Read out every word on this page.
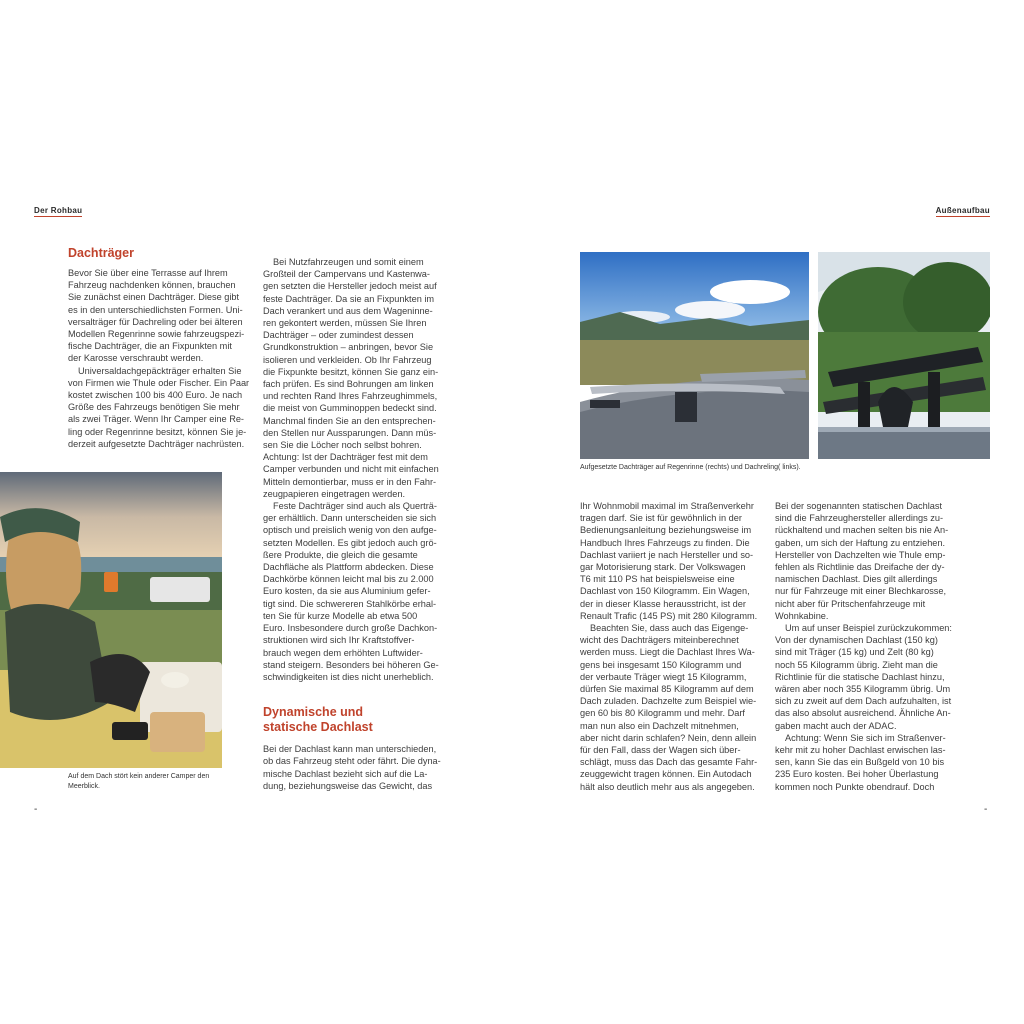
Der Rohbau	Außenaufbau
Dachträger

Bevor Sie über eine Terrasse auf Ihrem
Fahrzeug nachdenken können, brauchen
Sie zunächst einen Dachträger. Diese gibt
es in den unterschiedlichsten Formen. Uni-
versalträger für Dachreling oder bei älteren
Modellen Regenrinne sowie fahrzeugspezi-
fische Dachträger, die an Fixpunkten mit
der Karosse verschraubt werden.

Universaldachgepäckträger erhalten Sie
von Firmen wie Thule oder Fischer. Ein Paar
kostet zwischen 100 bis 400 Euro. Je nach
Größe des Fahrzeugs benötigen Sie mehr
als zwei Träger. Wenn Ihr Camper eine Re-
ling oder Regenrinne besitzt, können Sie je-
derzeit aufgesetzte Dachträger nachrüsten.

Auf dem Dach stört kein anderer Camper den
Meerblick.

Bei Nutzfahrzeugen und somit einem
Großteil der Campervans und Kastenwa-
gen setzten die Hersteller jedoch meist auf
feste Dachträger. Da sie an Fixpunkten im
Dach verankert und aus dem Wageninne-
ren gekontert werden, müssen Sie Ihren
Dachträger – oder zumindest dessen
Grundkonstruktion – anbringen, bevor Sie
isolieren und verkleiden. Ob Ihr Fahrzeug
die Fixpunkte besitzt, können Sie ganz ein-
fach prüfen. Es sind Bohrungen am linken
und rechten Rand Ihres Fahrzeughimmels,
die meist von Gumminoppen bedeckt sind.
Manchmal finden Sie an den entsprechen-
den Stellen nur Aussparungen. Dann müs-
sen Sie die Löcher noch selbst bohren.
Achtung: Ist der Dachträger fest mit dem
Camper verbunden und nicht mit einfachen
Mitteln demontierbar, muss er in den Fahr-
zeugpapieren eingetragen werden.

Feste Dachträger sind auch als Querträ-
ger erhältlich. Dann unterscheiden sie sich
optisch und preislich wenig von den aufge-
setzten Modellen. Es gibt jedoch auch grö-
ßere Produkte, die gleich die gesamte
Dachfläche als Plattform abdecken. Diese
Dachkörbe können leicht mal bis zu 2.000
Euro kosten, da sie aus Aluminium gefer-
tigt sind. Die schwereren Stahlkörbe erhal-
ten Sie für kurze Modelle ab etwa 500
Euro. Insbesondere durch große Dachkon-
struktionen wird sich Ihr Kraftstoffver-
brauch wegen dem erhöhten Luftwider-
stand steigern. Besonders bei höheren Ge-
schwindigkeiten ist dies nicht unerheblich.

Dynamische und
statische Dachlast

Bei der Dachlast kann man unterschieden,
ob das Fahrzeug steht oder fährt. Die dyna-
mische Dachlast bezieht sich auf die La-
dung, beziehungsweise das Gewicht, das

Aufgesetzte Dachträger auf Regenrinne (rechts) und Dachreling( links).

Ihr Wohnmobil maximal im Straßenverkehr
tragen darf. Sie ist für gewöhnlich in der
Bedienungsanleitung beziehungsweise im
Handbuch Ihres Fahrzeugs zu finden. Die
Dachlast variiert je nach Hersteller und so-
gar Motorisierung stark. Der Volkswagen
T6 mit 110 PS hat beispielsweise eine
Dachlast von 150 Kilogramm. Ein Wagen,
der in dieser Klasse herausstricht, ist der
Renault Trafic (145 PS) mit 280 Kilogramm.

Beachten Sie, dass auch das Eigenge-
wicht des Dachträgers miteinberechnet
werden muss. Liegt die Dachlast Ihres Wa-
gens bei insgesamt 150 Kilogramm und
der verbaute Träger wiegt 15 Kilogramm,
dürfen Sie maximal 85 Kilogramm auf dem
Dach zuladen. Dachzelte zum Beispiel wie-
gen 60 bis 80 Kilogramm und mehr. Darf
man nun also ein Dachzelt mitnehmen,
aber nicht darin schlafen? Nein, denn allein
für den Fall, dass der Wagen sich über-
schlägt, muss das Dach das gesamte Fahr-
zeuggewicht tragen können. Ein Autodach
hält also deutlich mehr aus als angegeben.

Bei der sogenannten statischen Dachlast
sind die Fahrzeughersteller allerdings zu-
rückhaltend und machen selten bis nie An-
gaben, um sich der Haftung zu entziehen.
Hersteller von Dachzelten wie Thule emp-
fehlen als Richtlinie das Dreifache der dy-
namischen Dachlast. Dies gilt allerdings
nur für Fahrzeuge mit einer Blechkarosse,
nicht aber für Pritschenfahrzeuge mit
Wohnkabine.

Um auf unser Beispiel zurückzukommen:
Von der dynamischen Dachlast (150 kg)
sind mit Träger (15 kg) und Zelt (80 kg)
noch 55 Kilogramm übrig. Zieht man die
Richtlinie für die statische Dachlast hinzu,
wären aber noch 355 Kilogramm übrig. Um
sich zu zweit auf dem Dach aufzuhalten, ist
das also absolut ausreichend. Ähnliche An-
gaben macht auch der ADAC.

Achtung: Wenn Sie sich im Straßenver-
kehr mit zu hoher Dachlast erwischen las-
sen, kann Sie das ein Bußgeld von 10 bis
235 Euro kosten. Bei hoher Überlastung
kommen noch Punkte obendrauf. Doch

-	-
